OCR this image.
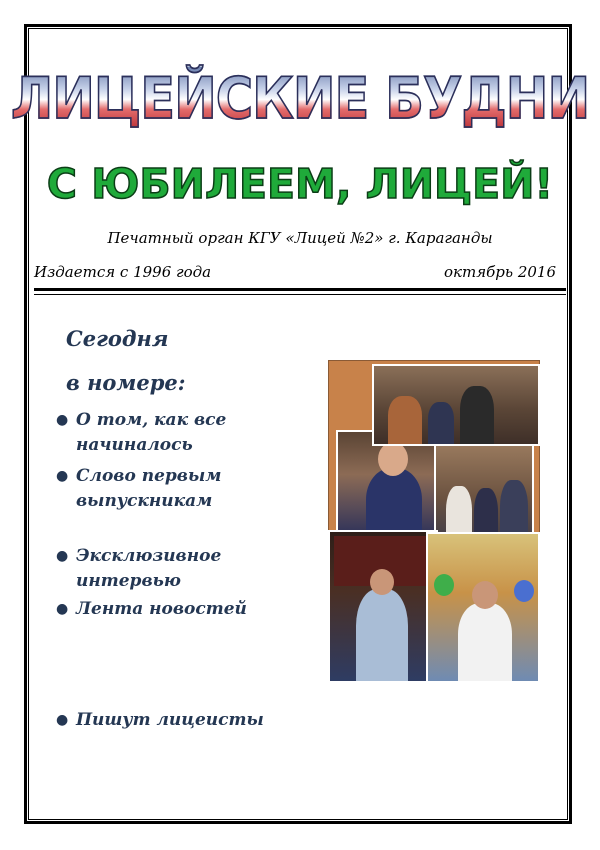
ЛИЦЕЙСКИЕ БУДНИ
С ЮБИЛЕЕМ, ЛИЦЕЙ!
Печатный орган КГУ «Лицей №2» г. Караганды
Издается с 1996 года	октябрь 2016
Сегодня
в номере:
● О том, как все начиналось
● Слово первым выпускникам
● Эксклюзивное интервью
● Лента новостей
● Пишут лицеисты
